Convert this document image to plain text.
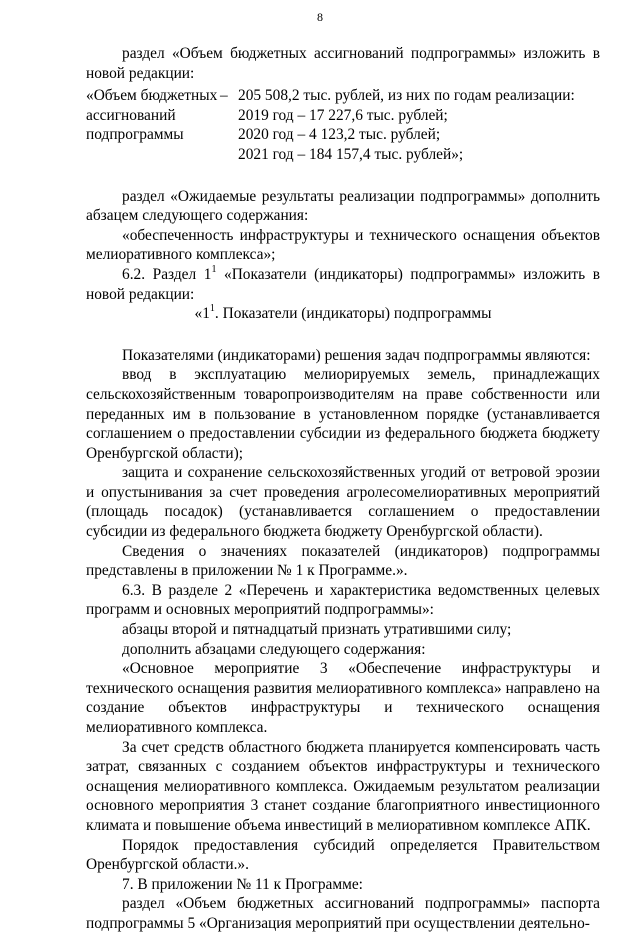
8

раздел «Объем бюджетных ассигнований подпрограммы» изложить в новой редакции:

«Объем бюджетных
ассигнований
подпрограммы
– 205 508,2 тыс. рублей, из них по годам реализации:
2019 год – 17 227,6 тыс. рублей;
2020 год – 4 123,2 тыс. рублей;
2021 год – 184 157,4 тыс. рублей»;

раздел «Ожидаемые результаты реализации подпрограммы» дополнить абзацем следующего содержания:

«обеспеченность инфраструктуры и технического оснащения объектов мелиоративного комплекса»;

6.2. Раздел $1^1$ «Показатели (индикаторы) подпрограммы» изложить в новой редакции:

«$1^1$. Показатели (индикаторы) подпрограммы

Показателями (индикаторами) решения задач подпрограммы являются:

ввод в эксплуатацию мелиорируемых земель, принадлежащих сельскохозяйственным товаропроизводителям на праве собственности или переданных им в пользование в установленном порядке (устанавливается соглашением о предоставлении субсидии из федерального бюджета бюджету Оренбургской области);

защита и сохранение сельскохозяйственных угодий от ветровой эрозии и опустынивания за счет проведения агролесомелиоративных мероприятий (площадь посадок) (устанавливается соглашением о предоставлении субсидии из федерального бюджета бюджету Оренбургской области).

Сведения о значениях показателей (индикаторов) подпрограммы представлены в приложении № 1 к Программе.».

6.3. В разделе 2 «Перечень и характеристика ведомственных целевых программ и основных мероприятий подпрограммы»:

абзацы второй и пятнадцатый признать утратившими силу;

дополнить абзацами следующего содержания:

«Основное мероприятие 3 «Обеспечение инфраструктуры и технического оснащения развития мелиоративного комплекса» направлено на создание объектов инфраструктуры и технического оснащения мелиоративного комплекса.

За счет средств областного бюджета планируется компенсировать часть затрат, связанных с созданием объектов инфраструктуры и технического оснащения мелиоративного комплекса. Ожидаемым результатом реализации основного мероприятия 3 станет создание благоприятного инвестиционного климата и повышение объема инвестиций в мелиоративном комплексе АПК.

Порядок предоставления субсидий определяется Правительством Оренбургской области.».

7. В приложении № 11 к Программе:

раздел «Объем бюджетных ассигнований подпрограммы» паспорта подпрограммы 5 «Организация мероприятий при осуществлении деятельно-
